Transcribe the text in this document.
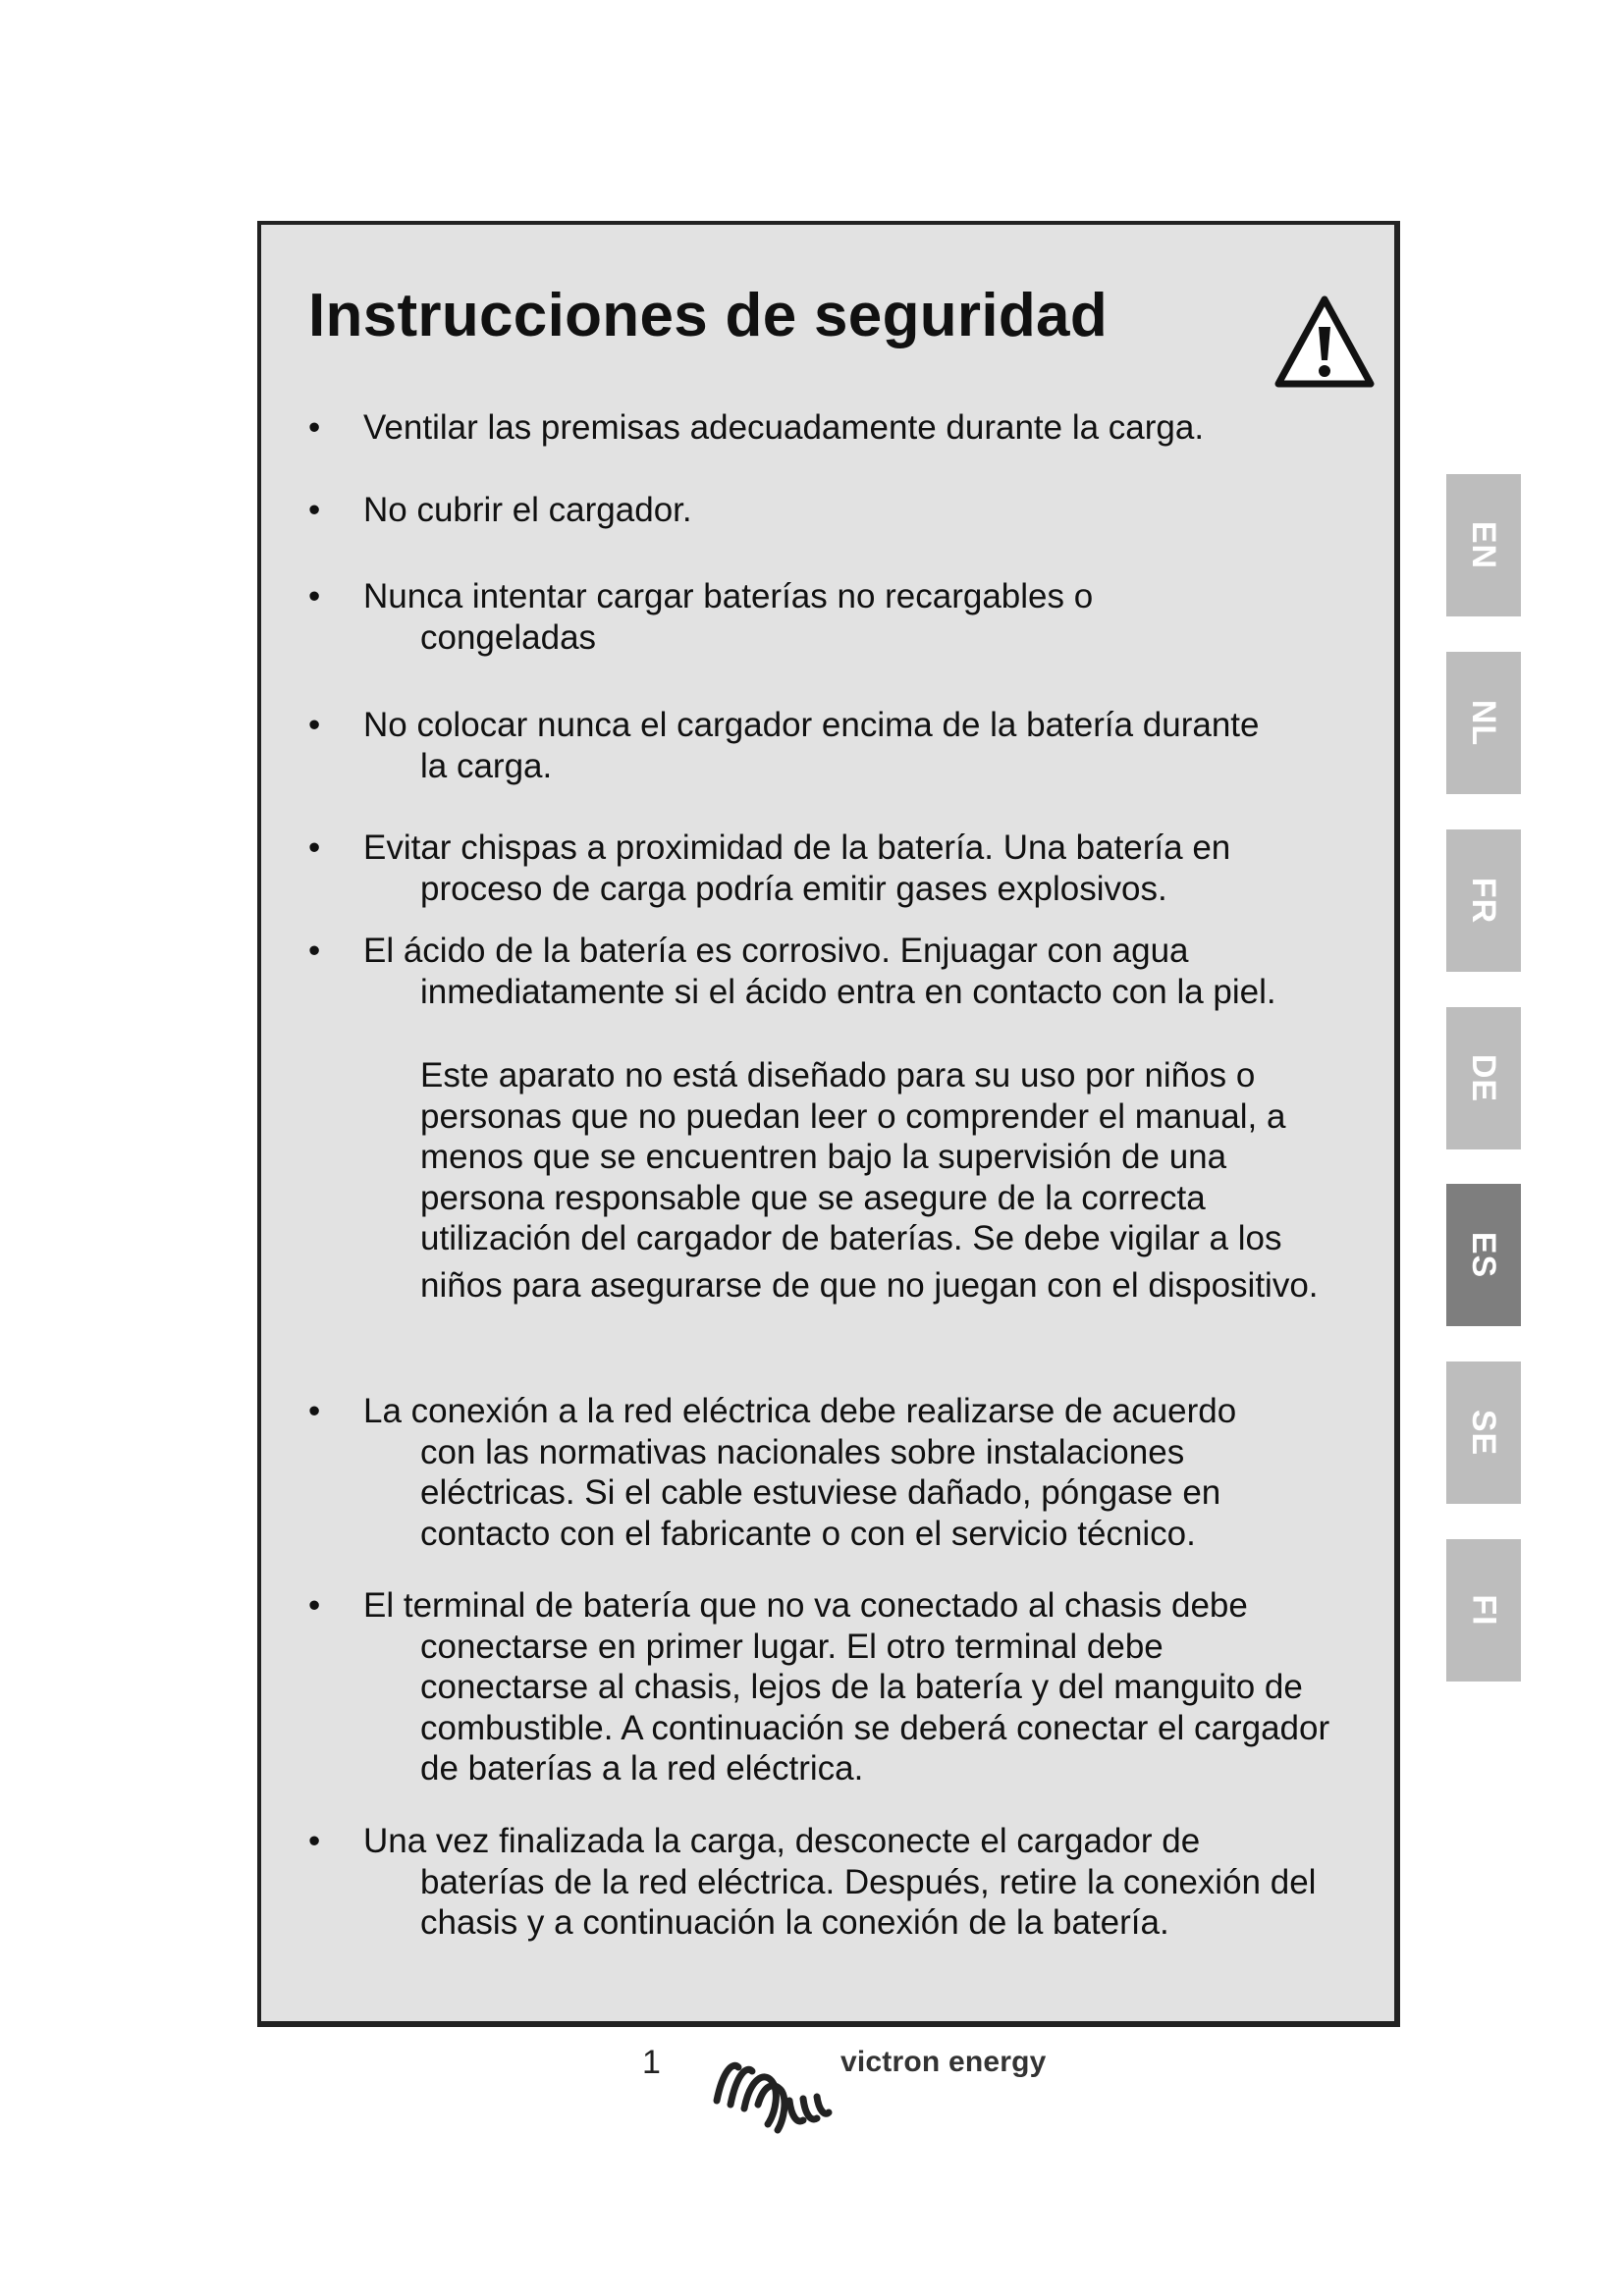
Instrucciones de seguridad
• Ventilar las premisas adecuadamente durante la carga.
• No cubrir el cargador.
• Nunca intentar cargar baterías no recargables o
congeladas
• No colocar nunca el cargador encima de la batería durante
la carga.
• Evitar chispas a proximidad de la batería. Una batería en
proceso de carga podría emitir gases explosivos.
• El ácido de la batería es corrosivo. Enjuagar con agua
inmediatamente si el ácido entra en contacto con la piel.
• La conexión a la red eléctrica debe realizarse de acuerdo
con las normativas nacionales sobre instalaciones
eléctricas. Si el cable estuviese dañado, póngase en
contacto con el fabricante o con el servicio técnico.
• El terminal de batería que no va conectado al chasis debe
conectarse en primer lugar. El otro terminal debe
conectarse al chasis, lejos de la batería y del manguito de
combustible. A continuación se deberá conectar el cargador
de baterías a la red eléctrica.
• Una vez finalizada la carga, desconecte el cargador de
baterías de la red eléctrica. Después, retire la conexión del
chasis y a continuación la conexión de la batería.
Este aparato no está diseñado para su uso por niños o
personas que no puedan leer o comprender el manual, a
menos que se encuentren bajo la supervisión de una
persona responsable que se asegure de la correcta
utilización del cargador de baterías. Se debe vigilar a los
niños para asegurarse de que no juegan con el dispositivo.
EN
NL
FR
DE
ES
SE
FI
1	victron energy
